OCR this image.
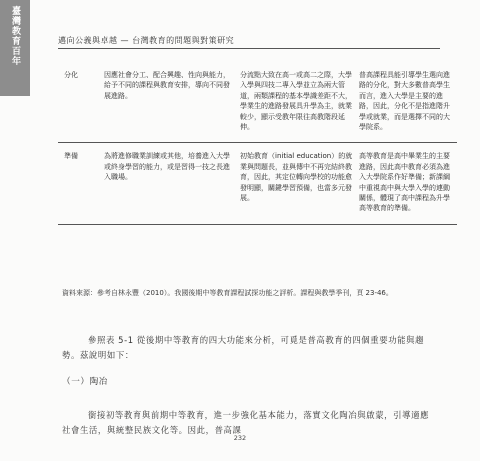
臺灣教育百年	邁向公義與卓越 — 台灣教育的問題與對策研究
分化	因應社會分工、配合興趣、性向與能力，給予不同的課程與教育安排，導向不同發展進路。	分流點大致在高一或高二之際，大學入學與四技二專入學並立為兩大管道，兩類課程的基本學識差距不大，學業生的進路發展具升學為主，就業較少，顯示受教年限往高教階段延伸。	普高課程具能引導學生選向進路的分化，對大多數普高學生而言，進入大學是主要的進路，因此，分化不是指進階升學或就業，而是選擇不同的大學院系。

準備	為將進修職業訓練或其他，培養進入大學或終身學習的能力，或是習得一技之長進入職場。	初始教育（initial education）的就業與問題長，並與傳中不再完結終教育，因此，其定位轉向學校的功能愈發明顯，關鍵學習預備，也當多元發展。	高等教育是高中畢業生的主要進路，因此高中教育必須為進入大學院系作好準備；新課綱中重視高中與大學入學的連動關係，體現了高中課程為升學高等教育的準備。
資料來源：參考自林永豐（2010）。我國後期中等教育課程試探功能之評析。課程與教學季刊，頁 23-46。

參照表 5-1 從後期中等教育的四大功能來分析，可覓是普高教育的四個重要功能與趨勢。茲說明如下：

（一）陶冶

銜接初等教育與前期中等教育，進一步強化基本能力，落實文化陶冶與啟蒙，引導適應社會生活，與統整民族文化等。因此，普高課

232
